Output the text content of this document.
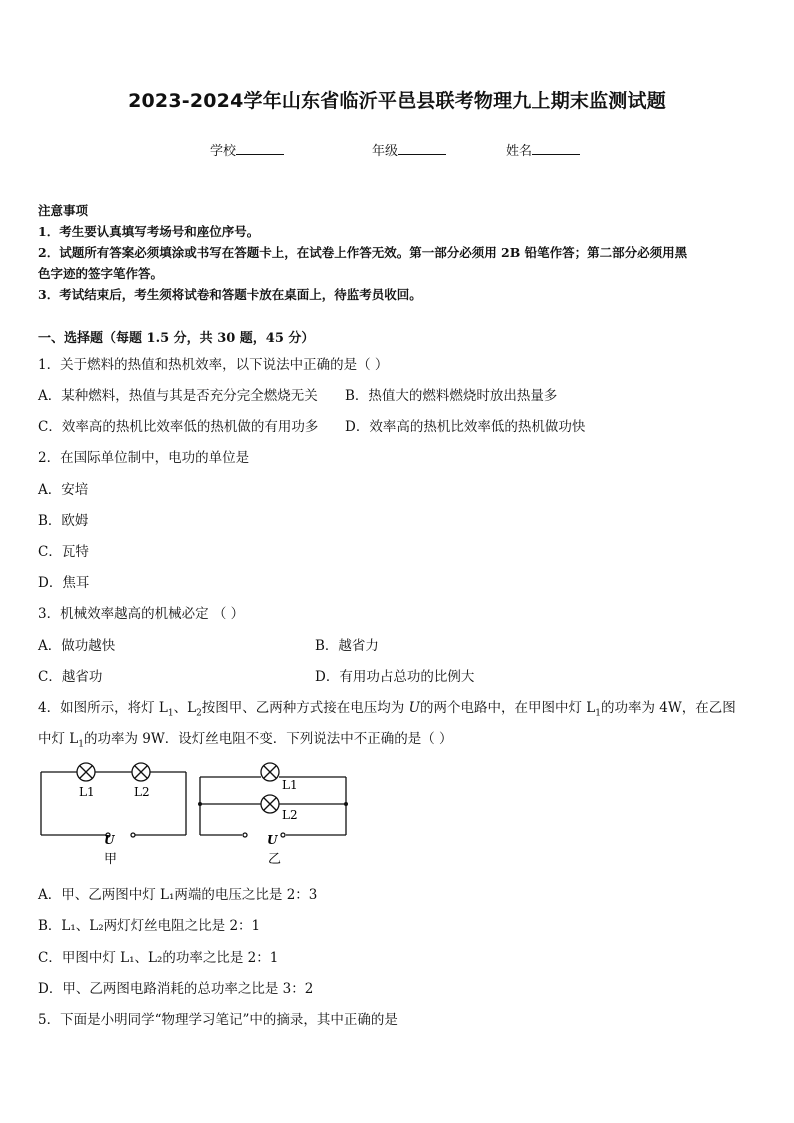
2023-2024学年山东省临沂平邑县联考物理九上期末监测试题
学校	年级	姓名
注意事项
1．考生要认真填写考场号和座位序号。
2．试题所有答案必须填涂或书写在答题卡上，在试卷上作答无效。第一部分必须用 2B 铅笔作答；第二部分必须用黑
色字迹的签字笔作答。
3．考试结束后，考生须将试卷和答题卡放在桌面上，待监考员收回。
一、选择题（每题 1.5 分，共 30 题，45 分）
1．关于燃料的热值和热机效率，以下说法中正确的是（ ）
A．某种燃料，热值与其是否充分完全燃烧无关 B．热值大的燃料燃烧时放出热量多
C．效率高的热机比效率低的热机做的有用功多 D．效率高的热机比效率低的热机做功快
2．在国际单位制中，电功的单位是
A．安培
B．欧姆
C．瓦特
D．焦耳
3．机械效率越高的机械必定 （ ）
A．做功越快	B．越省力
C．越省功	D．有用功占总功的比例大
4．如图所示，将灯 $L_1$、$L_2$按图甲、乙两种方式接在电压均为 U的两个电路中，在甲图中灯 $L_1$的功率为 4W，在乙图
中灯 $L_1$的功率为 9W．设灯丝电阻不变．下列说法中不正确的是（ ）
L1	L2
U
甲
L1
L2
U
乙
A．甲、乙两图中灯 L₁两端的电压之比是 2：3
B．L₁、L₂两灯灯丝电阻之比是 2：1
C．甲图中灯 L₁、L₂的功率之比是 2：1
D．甲、乙两图电路消耗的总功率之比是 3：2
5．下面是小明同学“物理学习笔记”中的摘录，其中正确的是
